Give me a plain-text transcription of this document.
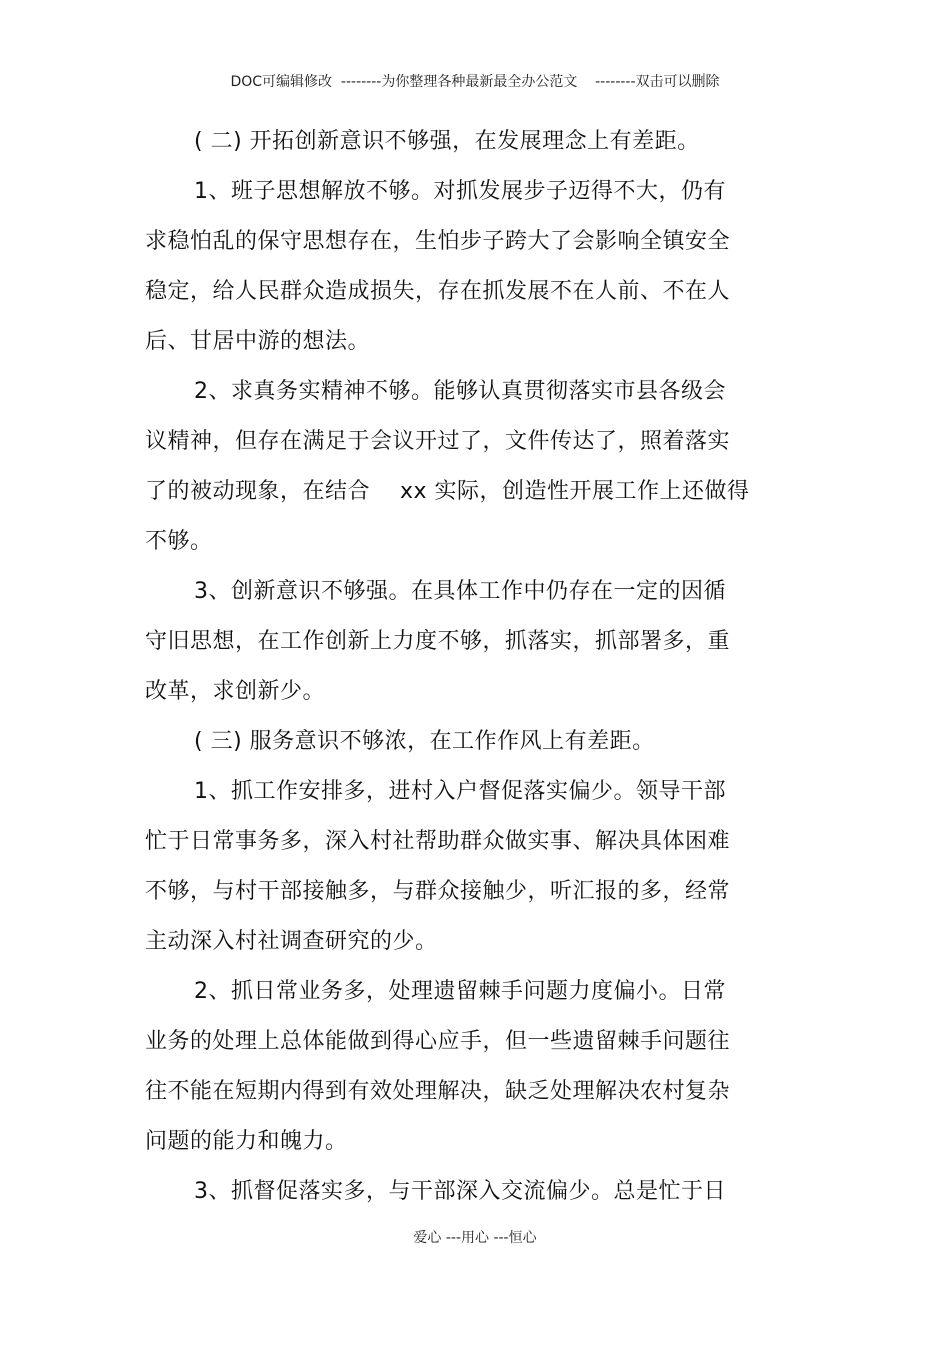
DOC可编辑修改  --------为你整理各种最新最全办公范文    --------双击可以删除
( 二) 开拓创新意识不够强，在发展理念上有差距。
1、班子思想解放不够。对抓发展步子迈得不大，仍有
求稳怕乱的保守思想存在，生怕步子跨大了会影响全镇安全
稳定，给人民群众造成损失，存在抓发展不在人前、不在人
后、甘居中游的想法。
2、求真务实精神不够。能够认真贯彻落实市县各级会
议精神，但存在满足于会议开过了，文件传达了，照着落实
了的被动现象，在结合    xx 实际，创造性开展工作上还做得
不够。
3、创新意识不够强。在具体工作中仍存在一定的因循
守旧思想，在工作创新上力度不够，抓落实，抓部署多，重
改革，求创新少。
( 三) 服务意识不够浓，在工作作风上有差距。
1、抓工作安排多，进村入户督促落实偏少。领导干部
忙于日常事务多，深入村社帮助群众做实事、解决具体困难
不够，与村干部接触多，与群众接触少，听汇报的多，经常
主动深入村社调查研究的少。
2、抓日常业务多，处理遗留棘手问题力度偏小。日常
业务的处理上总体能做到得心应手，但一些遗留棘手问题往
往不能在短期内得到有效处理解决，缺乏处理解决农村复杂
问题的能力和魄力。
3、抓督促落实多，与干部深入交流偏少。总是忙于日
爱心 ---用心 ---恒心
